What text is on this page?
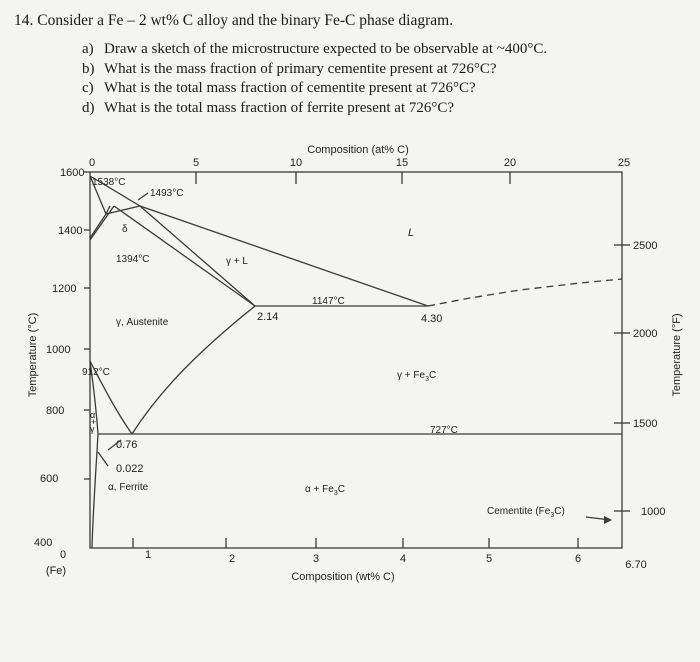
14. Consider a Fe – 2 wt% C alloy and the binary Fe-C phase diagram.
a) Draw a sketch of the microstructure expected to be observable at ~400°C.
b) What is the mass fraction of primary cementite present at 726°C?
c) What is the total mass fraction of cementite present at 726°C?
d) What is the total mass fraction of ferrite present at 726°C?
Composition (at% C)
Composition (wt% C)
Temperature (°C)	Temperature (°F)
0	5	10	15	20	25
0	1	2	3	4	5	6	6.70
(Fe)
1600
1400
1200
1000
800
600
400
2500
2000
1500
1000
1538°C
1493°C
δ
1394°C	γ + L
L
1147°C
2.14	4.30
γ, Austenite
912°C	$\gamma + Fe_3C$
α
+
γ	727°C
0.76
0.022
α, Ferrite	$\alpha + Fe_3C$
Cementite $(Fe_3C)$
